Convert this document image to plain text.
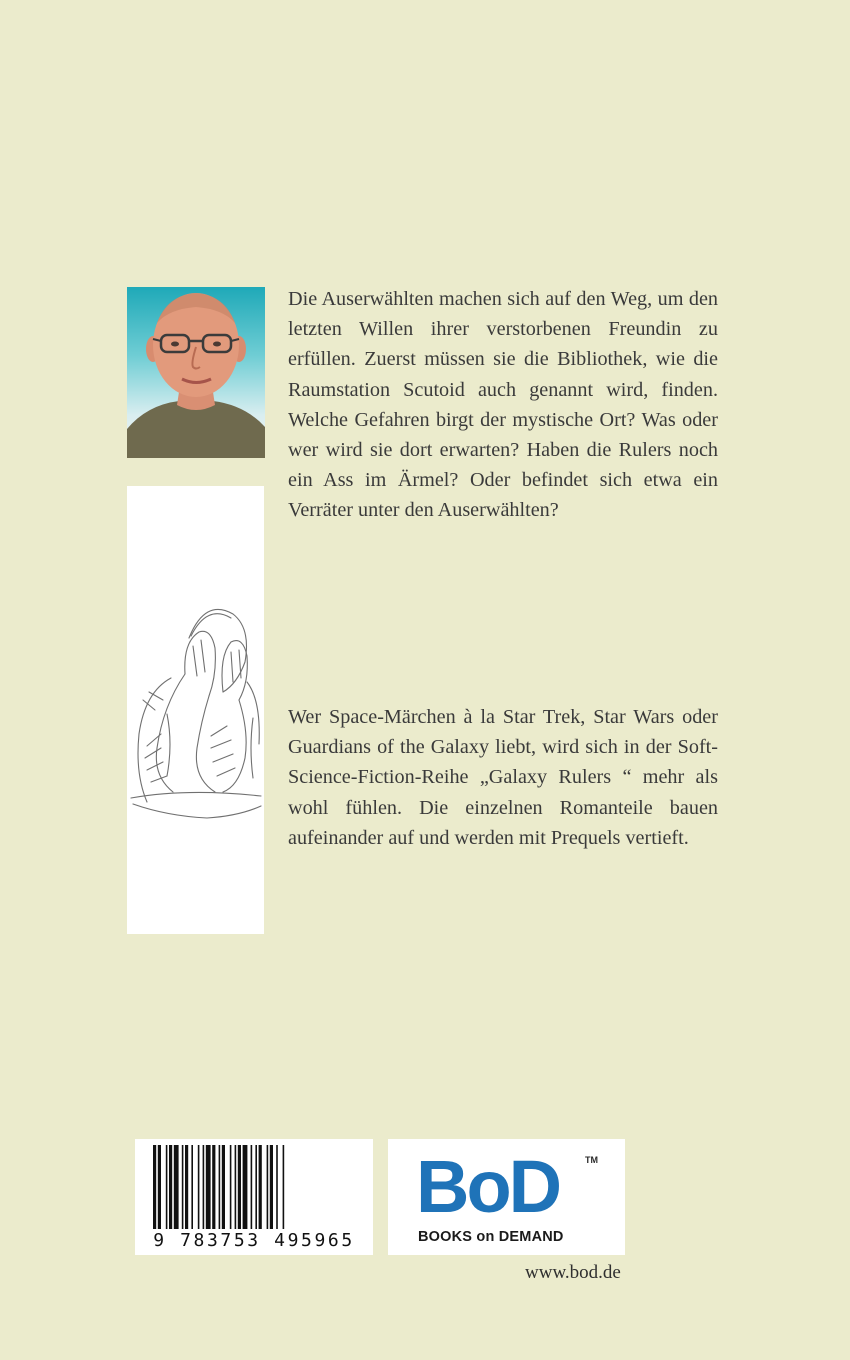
Die Auserwählten machen sich auf den Weg, um den letzten Willen ihrer verstorbenen Freundin zu erfüllen. Zuerst müssen sie die Bibliothek, wie die Raumstation Scutoid auch genannt wird, finden. Welche Gefahren birgt der mystische Ort? Was oder wer wird sie dort erwarten? Haben die Rulers noch ein Ass im Ärmel? Oder befindet sich etwa ein Verräter unter den Auserwählten?
Wer Space-Märchen à la Star Trek, Star Wars oder Guardians of the Galaxy liebt, wird sich in der Soft- Science-Fiction-Reihe „Galaxy Rulers “ mehr als wohl fühlen. Die einzelnen Romanteile bauen aufeinander auf und werden mit Prequels vertieft.
9 783753 495965
BoD	TM
BOOKS on DEMAND
www.bod.de
